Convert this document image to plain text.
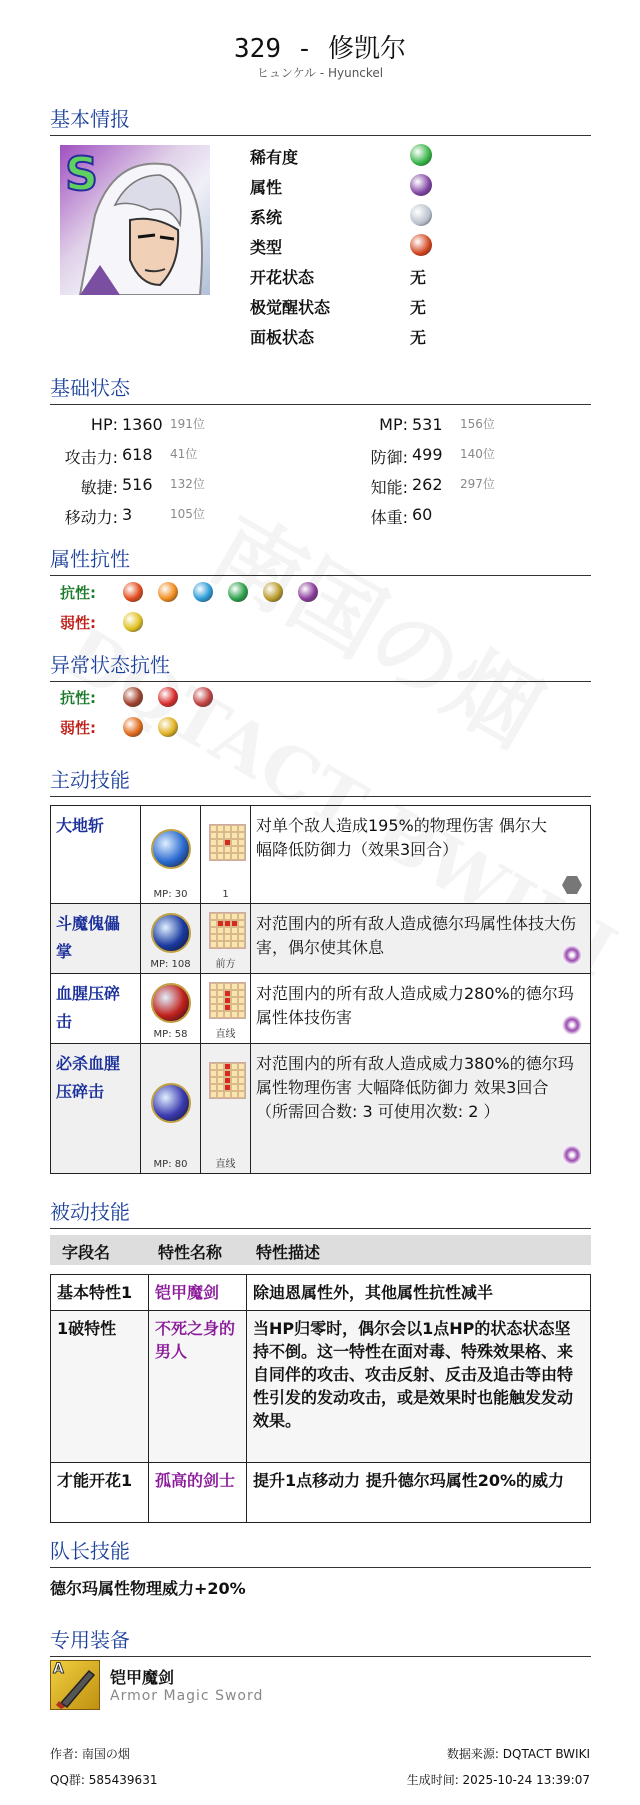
329 - 修凯尔
ヒュンケル - Hyunckel
基本情报
S	稀有度
属性
系统
类型
开花状态	无
极觉醒状态	无
面板状态	无
基础状态
HP: 1360 191位	MP: 531 156位
攻击力: 618 41位	防御: 499 140位
敏捷: 516 132位	知能: 262 297位
移动力: 3	105位	体重: 60
属性抗性
抗性:
弱性:
异常状态抗性
抗性:
弱性:
主动技能
大地斩	MP: 30	1	对单个敌人造成195%的物理伤害 偶尔大
幅降低防御力（效果3回合）

斗魔傀儡掌	MP: 108	前方	对范围内的所有敌人造成德尔玛属性体技大伤害，偶尔使其休息

血腥压碎击	MP: 58	直线	对范围内的所有敌人造成威力280%的德尔玛属性体技伤害

必杀血腥压碎击	MP: 80	直线	对范围内的所有敌人造成威力380%的德尔玛属性物理伤害 大幅降低防御力 效果3回合 （所需回合数: 3 可使用次数: 2 ）
被动技能
字段名	特性名称 特性描述
基本特性1	铠甲魔剑	除迪恩属性外，其他属性抗性减半
1破特性	不死之身的男人	当HP归零时，偶尔会以1点HP的状态状态坚持不倒。这一特性在面对毒、特殊效果格、来自同伴的攻击、攻击反射、反击及追击等由特性引发的发动攻击，或是效果时也能触发发动效果。
才能开花1	孤高的剑士	提升1点移动力 提升德尔玛属性20%的威力
队长技能
德尔玛属性物理威力+20%
专用装备
A	铠甲魔剑
Armor Magic Sword
作者: 南国の烟
QQ群: 585439631
数据来源: DQTACT BWIKI
生成时间: 2025-10-24 13:39:07
